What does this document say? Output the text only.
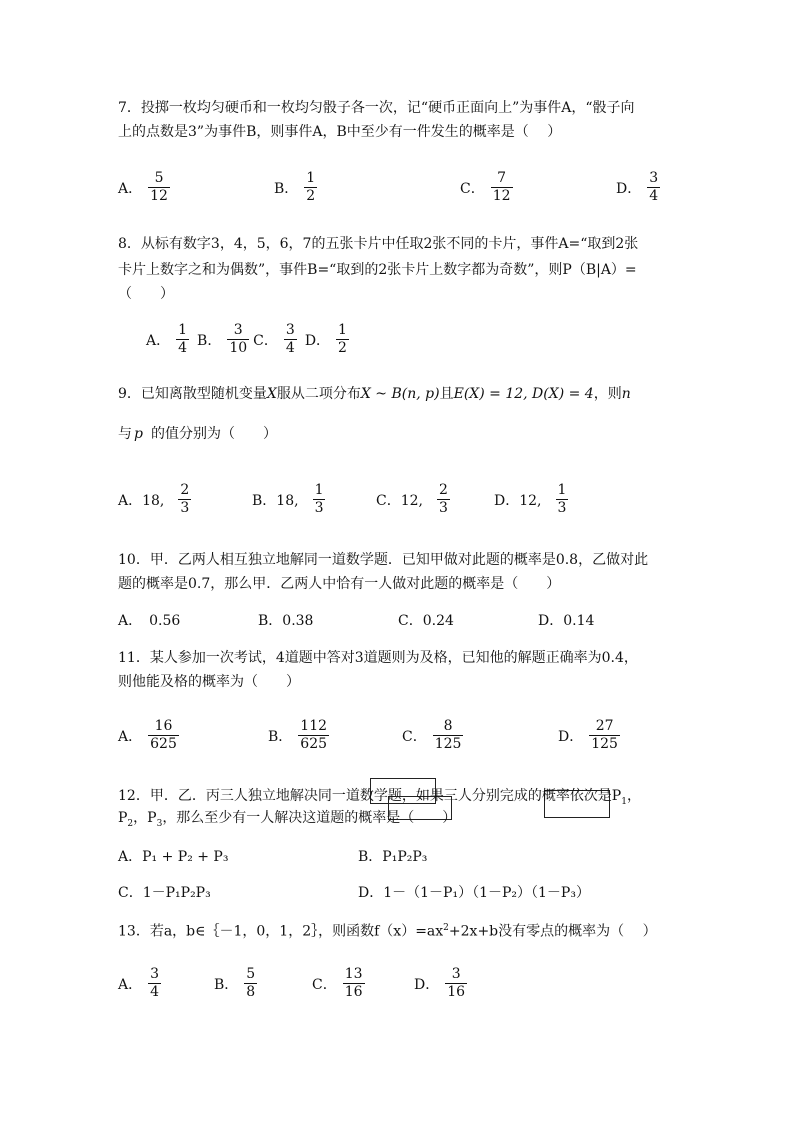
7．投掷一枚均匀硬币和一枚均匀骰子各一次，记“硬币正面向上”为事件A，“骰子向
上的点数是3”为事件B，则事件A，B中至少有一件发生的概率是（　 ）
A． $\frac{5}{12}$	B． $\frac{1}{2}$	C． $\frac{7}{12}$	D． $\frac{3}{4}$
8．从标有数字3，4，5，6，7的五张卡片中任取2张不同的卡片，事件A=“取到2张
卡片上数字之和为偶数”，事件B=“取到的2张卡片上数字都为奇数”，则P（B|A）=
（　　）
A． $\frac{1}{4}$ B． $\frac{3}{10}$ C． $\frac{3}{4}$ D． $\frac{1}{2}$
9．已知离散型随机变量X服从二项分布X ~ B(n, p)且E(X) = 12, D(X) = 4，则n
与 p 的值分别为（　　）
A．18, $\frac{2}{3}$	B．18, $\frac{1}{3}$	C．12, $\frac{2}{3}$	D．12, $\frac{1}{3}$
10．甲．乙两人相互独立地解同一道数学题．已知甲做对此题的概率是0.8，乙做对此
题的概率是0.7，那么甲．乙两人中恰有一人做对此题的概率是（　　）
A．　0.56	B．0.38	C．0.24	D．0.14
11．某人参加一次考试，4道题中答对3道题则为及格，已知他的解题正确率为0.4，
则他能及格的概率为（　　）
A． $\frac{16}{625}$	B． $\frac{112}{625}$	C． $\frac{8}{125}$	D． $\frac{27}{125}$
12．甲．乙．丙三人独立地解决同一道数学题，如果三人分别完成的概率依次是$P_1$，
$P_2$，$P_3$，那么至少有一人解决这道题的概率是（　　）
A．P₁ + P₂ + P₃	B．P₁P₂P₃
C．1－P₁P₂P₃	D．1－（1－P₁）（1－P₂）（1－P₃）
13．若a，b∈｛－1，0，1，2｝，则函数$f(x)=ax^2+2x+b$没有零点的概率为（　 ）
A． $\frac{3}{4}$	B． $\frac{5}{8}$	C． $\frac{13}{16}$	D． $\frac{3}{16}$
